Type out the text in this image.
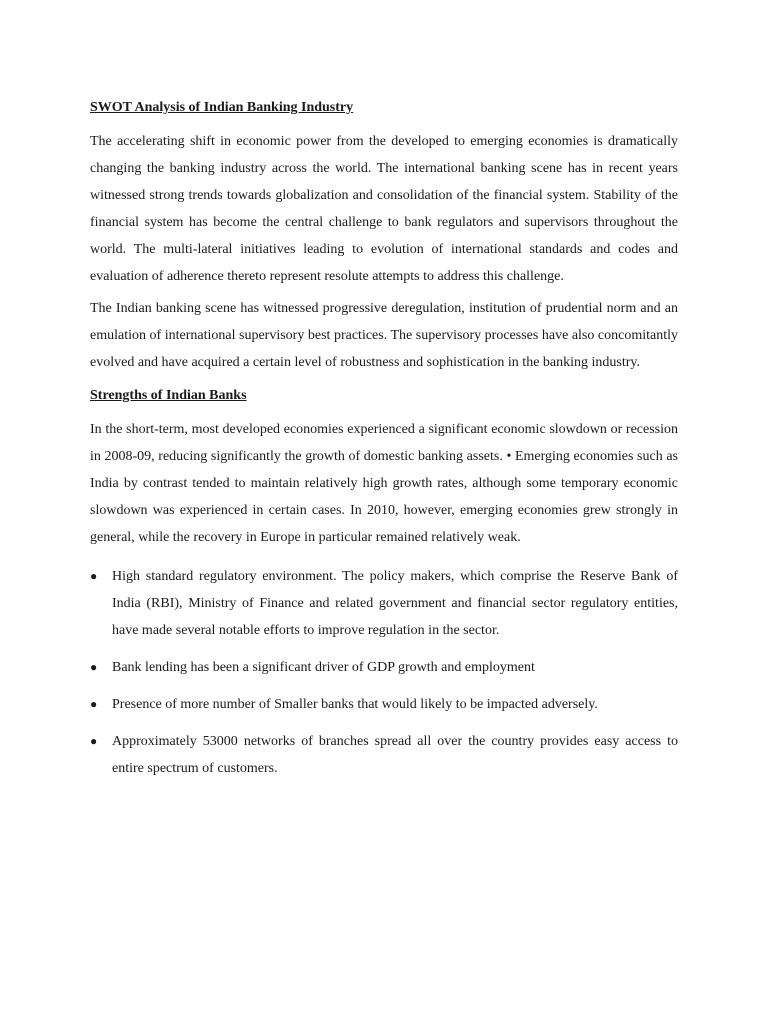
SWOT Analysis of Indian Banking Industry

The accelerating shift in economic power from the developed to emerging economies is dramatically changing the banking industry across the world. The international banking scene has in recent years witnessed strong trends towards globalization and consolidation of the financial system. Stability of the financial system has become the central challenge to bank regulators and supervisors throughout the world. The multi-lateral initiatives leading to evolution of international standards and codes and evaluation of adherence thereto represent resolute attempts to address this challenge.

The Indian banking scene has witnessed progressive deregulation, institution of prudential norm and an emulation of international supervisory best practices. The supervisory processes have also concomitantly evolved and have acquired a certain level of robustness and sophistication in the banking industry.

Strengths of Indian Banks

In the short-term, most developed economies experienced a significant economic slowdown or recession in 2008-09, reducing significantly the growth of domestic banking assets. • Emerging economies such as India by contrast tended to maintain relatively high growth rates, although some temporary economic slowdown was experienced in certain cases. In 2010, however, emerging economies grew strongly in general, while the recovery in Europe in particular remained relatively weak.

● High standard regulatory environment. The policy makers, which comprise the Reserve Bank of India (RBI), Ministry of Finance and related government and financial sector regulatory entities, have made several notable efforts to improve regulation in the sector.
● Bank lending has been a significant driver of GDP growth and employment
● Presence of more number of Smaller banks that would likely to be impacted adversely.
● Approximately 53000 networks of branches spread all over the country provides easy access to entire spectrum of customers.
